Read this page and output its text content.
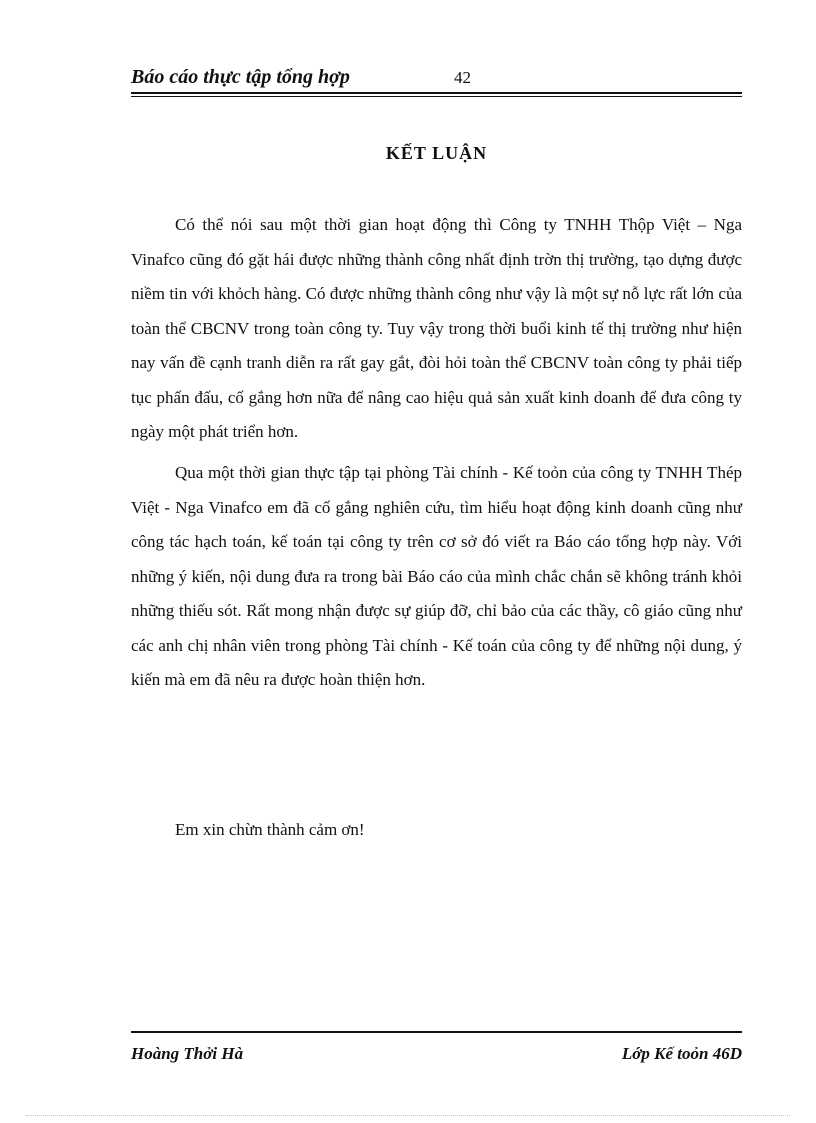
Báo cáo thực tập tổng hợp	42
KẾT LUẬN

Có thể nói sau một thời gian hoạt động thì Công ty TNHH Thộp Việt – Nga Vinafco cũng đó gặt hái được những thành công nhất định trờn thị trường, tạo dựng được niềm tin với khỏch hàng. Có được những thành công như vậy là một sự nỗ lực rất lớn của toàn thể CBCNV trong toàn công ty. Tuy vậy trong thời buổi kinh tế thị trường như hiện nay vấn đề cạnh tranh diễn ra rất gay gắt, đòi hỏi toàn thể CBCNV toàn công ty phải tiếp tục phấn đấu, cố gắng hơn nữa để nâng cao hiệu quả sản xuất kinh doanh để đưa công ty ngày một phát triển hơn.

Qua một thời gian thực tập tại phòng Tài chính - Kế toỏn của công ty TNHH Thép Việt - Nga Vinafco em đã cố gắng nghiên cứu, tìm hiểu hoạt động kinh doanh cũng như công tác hạch toán, kế toán tại công ty trên cơ sở đó viết ra Báo cáo tổng hợp này. Với những ý kiến, nội dung đưa ra trong bài Báo cáo của mình chắc chắn sẽ không tránh khỏi những thiếu sót. Rất mong nhận được sự giúp đỡ, chỉ bảo của các thầy, cô giáo cũng như các anh chị nhân viên trong phòng Tài chính - Kế toán của công ty để những nội dung, ý kiến mà em đã nêu ra được hoàn thiện hơn.

Em xin chừn thành cảm ơn!

Hoàng Thởi Hà	Lớp Kế toỏn 46D
